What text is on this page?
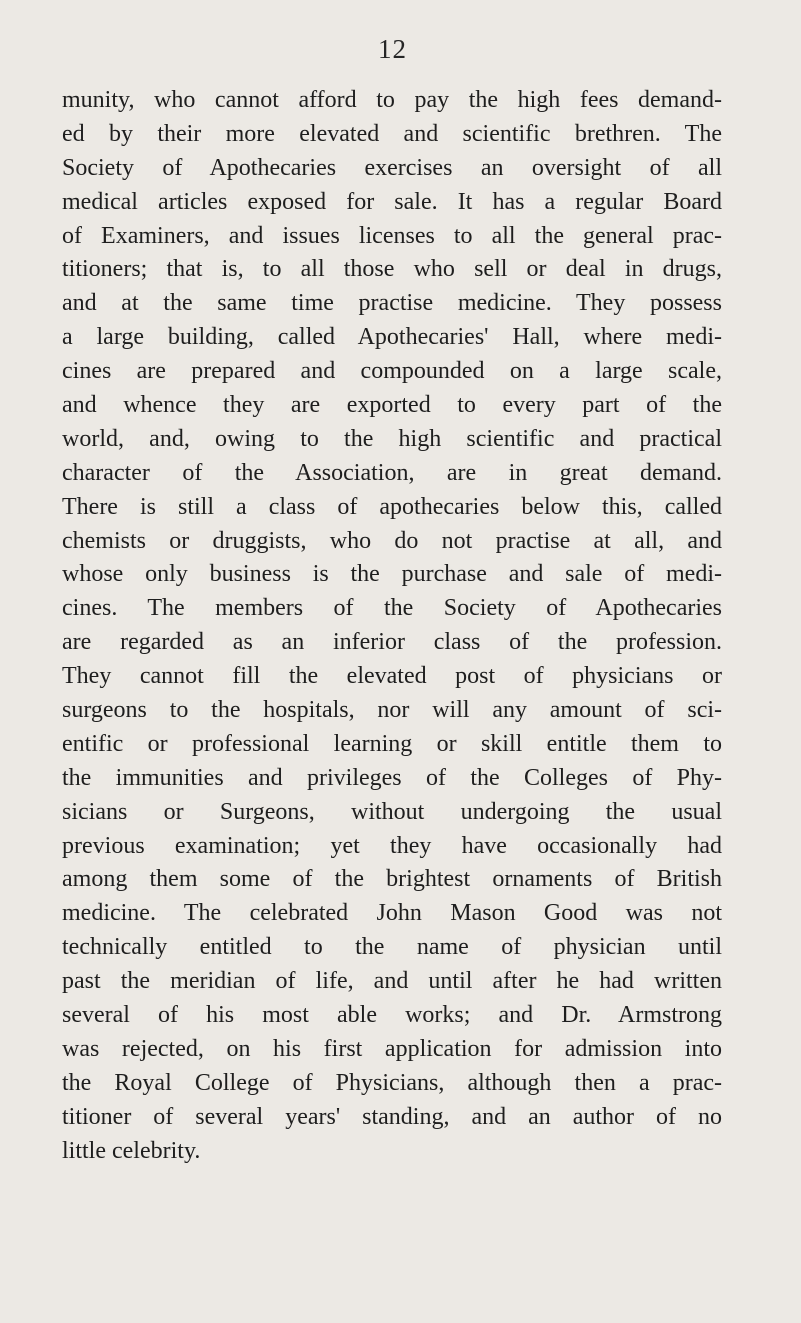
12
munity, who cannot afford to pay the high fees demand-
ed by their more elevated and scientific brethren. The
Society of Apothecaries exercises an oversight of all
medical articles exposed for sale. It has a regular Board
of Examiners, and issues licenses to all the general prac-
titioners; that is, to all those who sell or deal in drugs,
and at the same time practise medicine. They possess
a large building, called Apothecaries' Hall, where medi-
cines are prepared and compounded on a large scale,
and whence they are exported to every part of the
world, and, owing to the high scientific and practical
character of the Association, are in great demand.
There is still a class of apothecaries below this, called
chemists or druggists, who do not practise at all, and
whose only business is the purchase and sale of medi-
cines. The members of the Society of Apothecaries
are regarded as an inferior class of the profession.
They cannot fill the elevated post of physicians or
surgeons to the hospitals, nor will any amount of sci-
entific or professional learning or skill entitle them to
the immunities and privileges of the Colleges of Phy-
sicians or Surgeons, without undergoing the usual
previous examination; yet they have occasionally had
among them some of the brightest ornaments of British
medicine. The celebrated John Mason Good was not
technically entitled to the name of physician until
past the meridian of life, and until after he had written
several of his most able works; and Dr. Armstrong
was rejected, on his first application for admission into
the Royal College of Physicians, although then a prac-
titioner of several years' standing, and an author of no
little celebrity.
